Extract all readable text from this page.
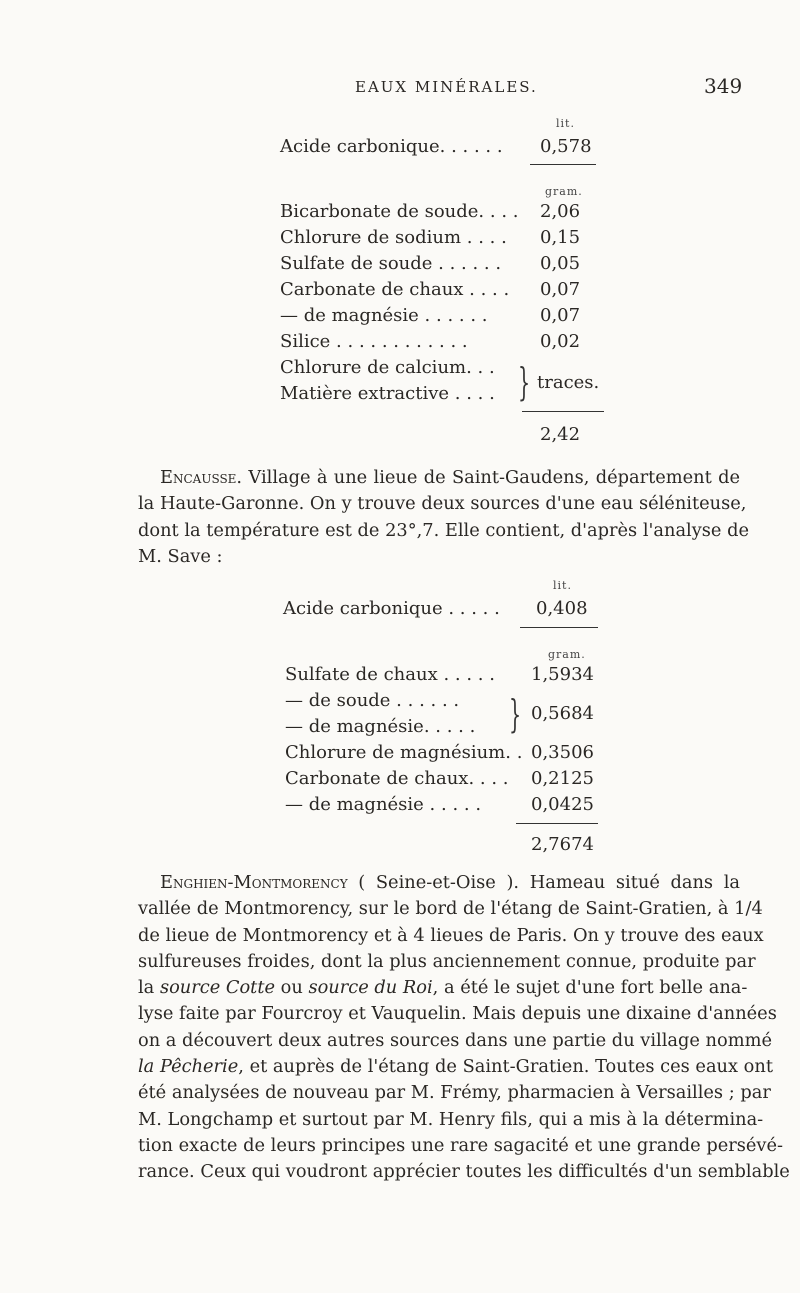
EAUX MINÉRALES.	349
lit.
Acide carbonique. . . . . . 0,578
gram.
Bicarbonate de soude. . . . 2,06
Chlorure de sodium . . . . 0,15
Sulfate de soude . . . . . . 0,05
Carbonate de chaux . . . . 0,07
— de magnésie . . . . . .	0,07
Silice . . . . . . . . . . . .	0,02
Chlorure de calcium. . .
Matière extractive . . . . } traces.
2,42
Encausse. Village à une lieue de Saint-Gaudens, département de
la Haute-Garonne. On y trouve deux sources d'une eau séléniteuse,
dont la température est de 23°,7. Elle contient, d'après l'analyse de
M. Save :
lit.
Acide carbonique . . . . . 0,408
gram.
Sulfate de chaux . . . . . 1,5934
— de soude . . . . . .
— de magnésie. . . . . } 0,5684
Chlorure de magnésium. . 0,3506
Carbonate de chaux. . . . 0,2125
— de magnésie . . . . .	0,0425
2,7674
Enghien-Montmorency ( Seine-et-Oise ). Hameau situé dans la
vallée de Montmorency, sur le bord de l'étang de Saint-Gratien, à 1/4
de lieue de Montmorency et à 4 lieues de Paris. On y trouve des eaux
sulfureuses froides, dont la plus anciennement connue, produite par
la source Cotte ou source du Roi, a été le sujet d'une fort belle ana-
lyse faite par Fourcroy et Vauquelin. Mais depuis une dixaine d'années
on a découvert deux autres sources dans une partie du village nommé
la Pêcherie, et auprès de l'étang de Saint-Gratien. Toutes ces eaux ont
été analysées de nouveau par M. Frémy, pharmacien à Versailles ; par
M. Longchamp et surtout par M. Henry fils, qui a mis à la détermina-
tion exacte de leurs principes une rare sagacité et une grande persévé-
rance. Ceux qui voudront apprécier toutes les difficultés d'un semblable
